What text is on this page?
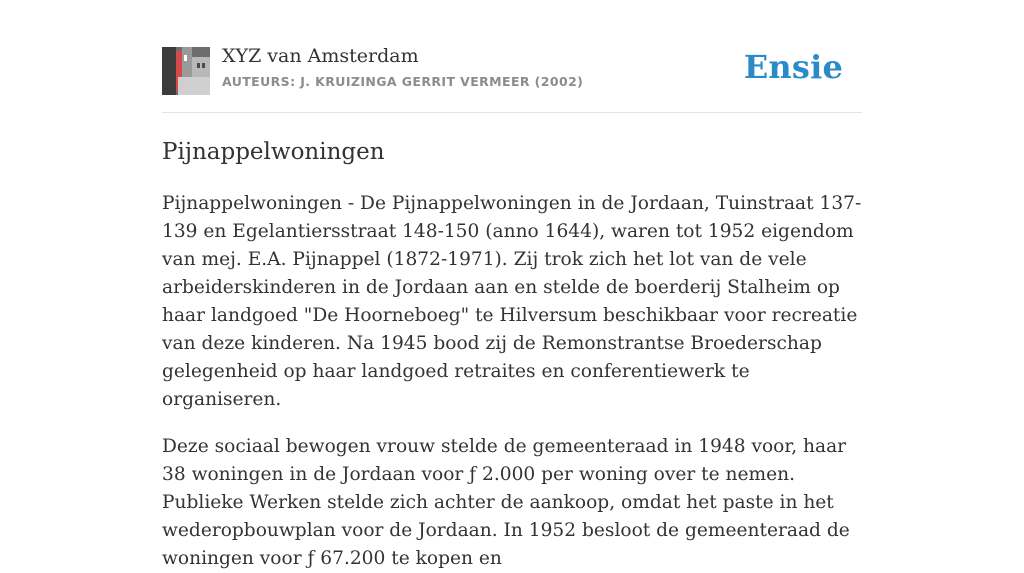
XYZ van Amsterdam
AUTEURS: J. KRUIZINGA GERRIT VERMEER (2002)	Ensie
Pijnappelwoningen

Pijnappelwoningen - De Pijnappelwoningen in de Jordaan, Tuinstraat 137-139 en Egelantiersstraat 148-150 (anno 1644), waren tot 1952 eigendom van mej. E.A. Pijnappel (1872-1971). Zij trok zich het lot van de vele arbeiderskinderen in de Jordaan aan en stelde de boerderij Stalheim op haar landgoed "De Hoorneboeg" te Hilversum beschikbaar voor recreatie van deze kinderen. Na 1945 bood zij de Remonstrantse Broederschap gelegenheid op haar landgoed retraites en conferentiewerk te organiseren.

Deze sociaal bewogen vrouw stelde de gemeenteraad in 1948 voor, haar 38 woningen in de Jordaan voor ƒ 2.000 per woning over te nemen. Publieke Werken stelde zich achter de aankoop, omdat het paste in het wederopbouwplan voor de Jordaan. In 1952 besloot de gemeenteraad de woningen voor ƒ 67.200 te kopen en
